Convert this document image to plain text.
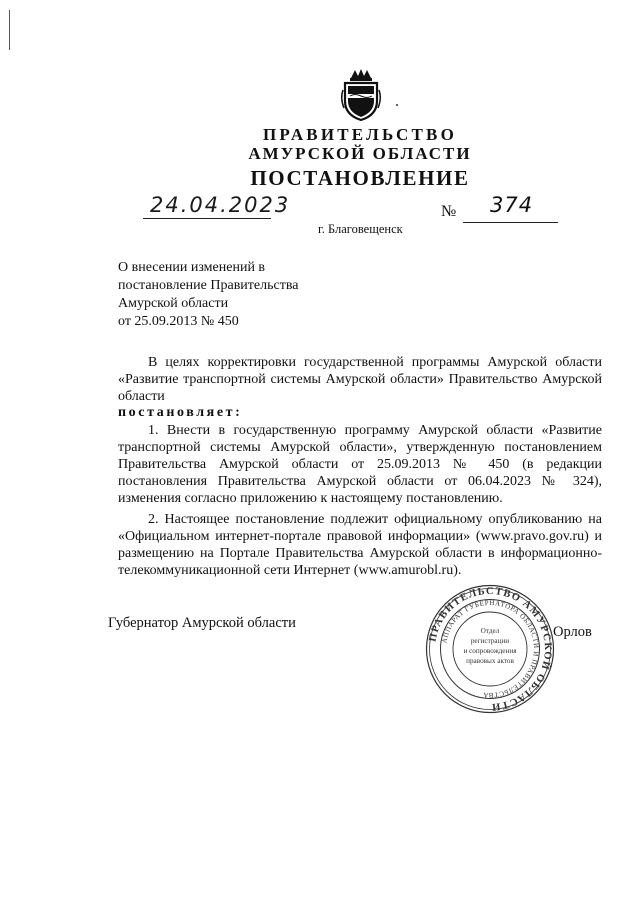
ПРАВИТЕЛЬСТВО
АМУРСКОЙ ОБЛАСТИ
ПОСТАНОВЛЕНИЕ
24.04.2023	№ 374
г. Благовещенск
О внесении изменений в
постановление Правительства
Амурской области
от 25.09.2013 № 450
В целях корректировки государственной программы Амурской области «Развитие транспортной системы Амурской области» Правительство Амурской области
постановляет:
1. Внести в государственную программу Амурской области «Развитие транспортной системы Амурской области», утвержденную постановлением Правительства Амурской области от 25.09.2013 № 450 (в редакции постановления Правительства Амурской области от 06.04.2023 № 324), изменения согласно приложению к настоящему постановлению.
2. Настоящее постановление подлежит официальному опубликованию на «Официальном интернет-портале правовой информации» (www.pravo.gov.ru) и размещению на Портале Правительства Амурской области в информационно-телекоммуникационной сети Интернет (www.amurobl.ru).
Губернатор Амурской области
Орлов
ПРАВИТЕЛЬСТВО АМУРСКОЙ ОБЛАСТИ
АППАРАТ ГУБЕРНАТОРА ОБЛАСТИ И ПРАВИТЕЛЬСТВА
Отдел
регистрации
и сопровождения
правовых актов
